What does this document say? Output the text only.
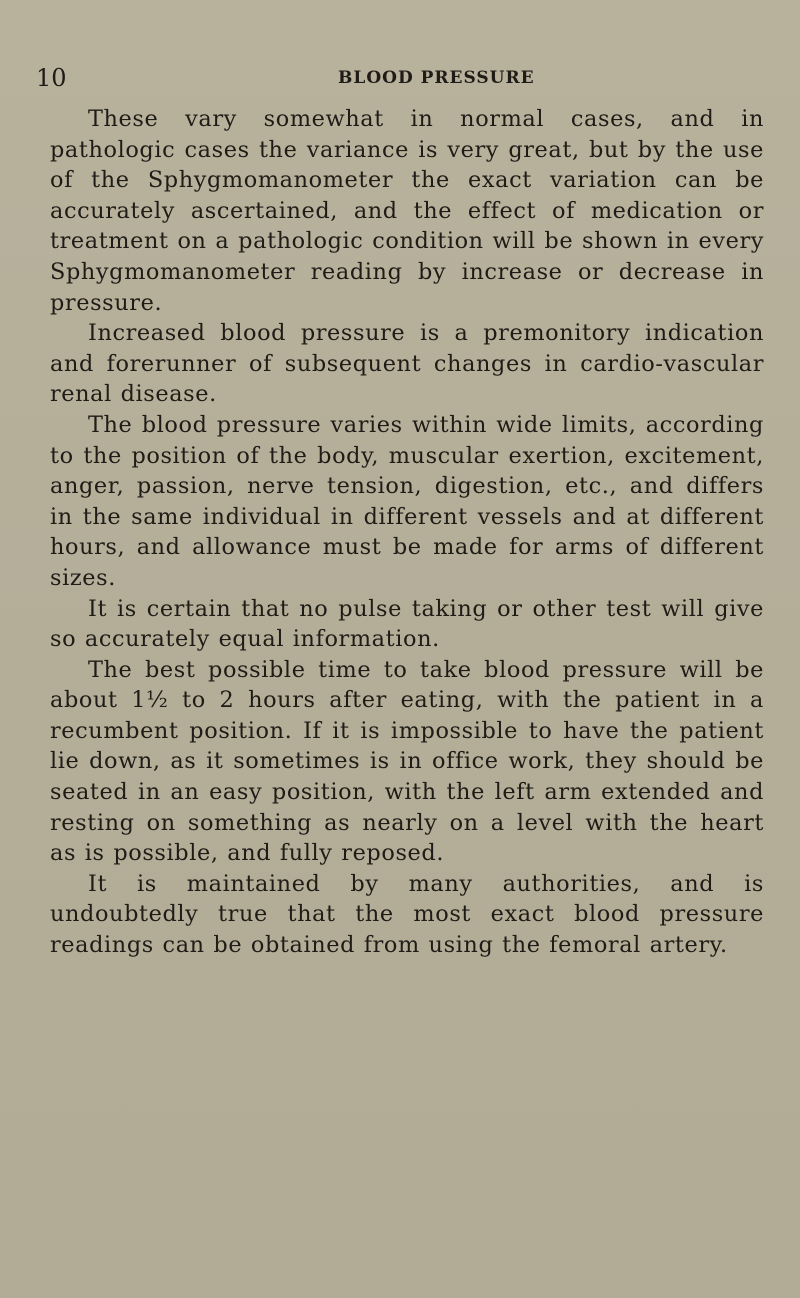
10	BLOOD PRESSURE

These vary somewhat in normal cases, and in pathologic cases the variance is very great, but by the use of the Sphygmomanometer the exact variation can be accurately ascertained, and the effect of medication or treatment on a pathologic condition will be shown in every Sphygmomanometer reading by increase or decrease in pressure.

Increased blood pressure is a premonitory indication and forerunner of subsequent changes in cardio-vascular renal disease.

The blood pressure varies within wide limits, according to the position of the body, muscular exertion, excitement, anger, passion, nerve tension, digestion, etc., and differs in the same individual in different vessels and at different hours, and allowance must be made for arms of different sizes.

It is certain that no pulse taking or other test will give so accurately equal information.

The best possible time to take blood pressure will be about 1½ to 2 hours after eating, with the patient in a recumbent position. If it is impossible to have the patient lie down, as it sometimes is in office work, they should be seated in an easy position, with the left arm extended and resting on something as nearly on a level with the heart as is possible, and fully reposed.

It is maintained by many authorities, and is undoubtedly true that the most exact blood pressure readings can be obtained from using the femoral artery.
